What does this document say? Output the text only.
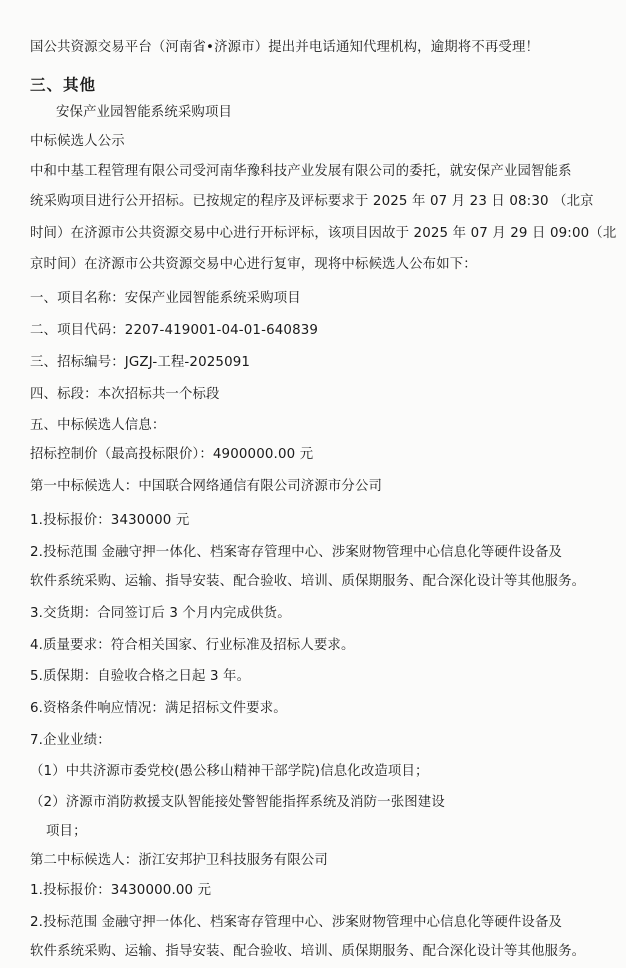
国公共资源交易平台（河南省•济源市）提出并电话通知代理机构，逾期将不再受理！
三、其他
安保产业园智能系统采购项目
中标候选人公示
中和中基工程管理有限公司受河南华豫科技产业发展有限公司的委托，就安保产业园智能系
统采购项目进行公开招标。已按规定的程序及评标要求于 2025 年 07 月 23 日 08:30 （北京
时间）在济源市公共资源交易中心进行开标评标，该项目因故于 2025 年 07 月 29 日 09:00（北
京时间）在济源市公共资源交易中心进行复审，现将中标候选人公布如下：
一、项目名称：安保产业园智能系统采购项目
二、项目代码：2207-419001-04-01-640839
三、招标编号：JGZJ-工程-2025091
四、标段：本次招标共一个标段
五、中标候选人信息：
招标控制价（最高投标限价）：4900000.00 元
第一中标候选人：中国联合网络通信有限公司济源市分公司
1.投标报价：3430000 元
2.投标范围 金融守押一体化、档案寄存管理中心、涉案财物管理中心信息化等硬件设备及
软件系统采购、运输、指导安装、配合验收、培训、质保期服务、配合深化设计等其他服务。
3.交货期：合同签订后 3 个月内完成供货。
4.质量要求：符合相关国家、行业标准及招标人要求。
5.质保期：自验收合格之日起 3 年。
6.资格条件响应情况：满足招标文件要求。
7.企业业绩：
（1）中共济源市委党校(愚公移山精神干部学院)信息化改造项目；
（2）济源市消防救援支队智能接处警智能指挥系统及消防一张图建设
项目；
第二中标候选人：浙江安邦护卫科技服务有限公司
1.投标报价：3430000.00 元
2.投标范围 金融守押一体化、档案寄存管理中心、涉案财物管理中心信息化等硬件设备及
软件系统采购、运输、指导安装、配合验收、培训、质保期服务、配合深化设计等其他服务。
